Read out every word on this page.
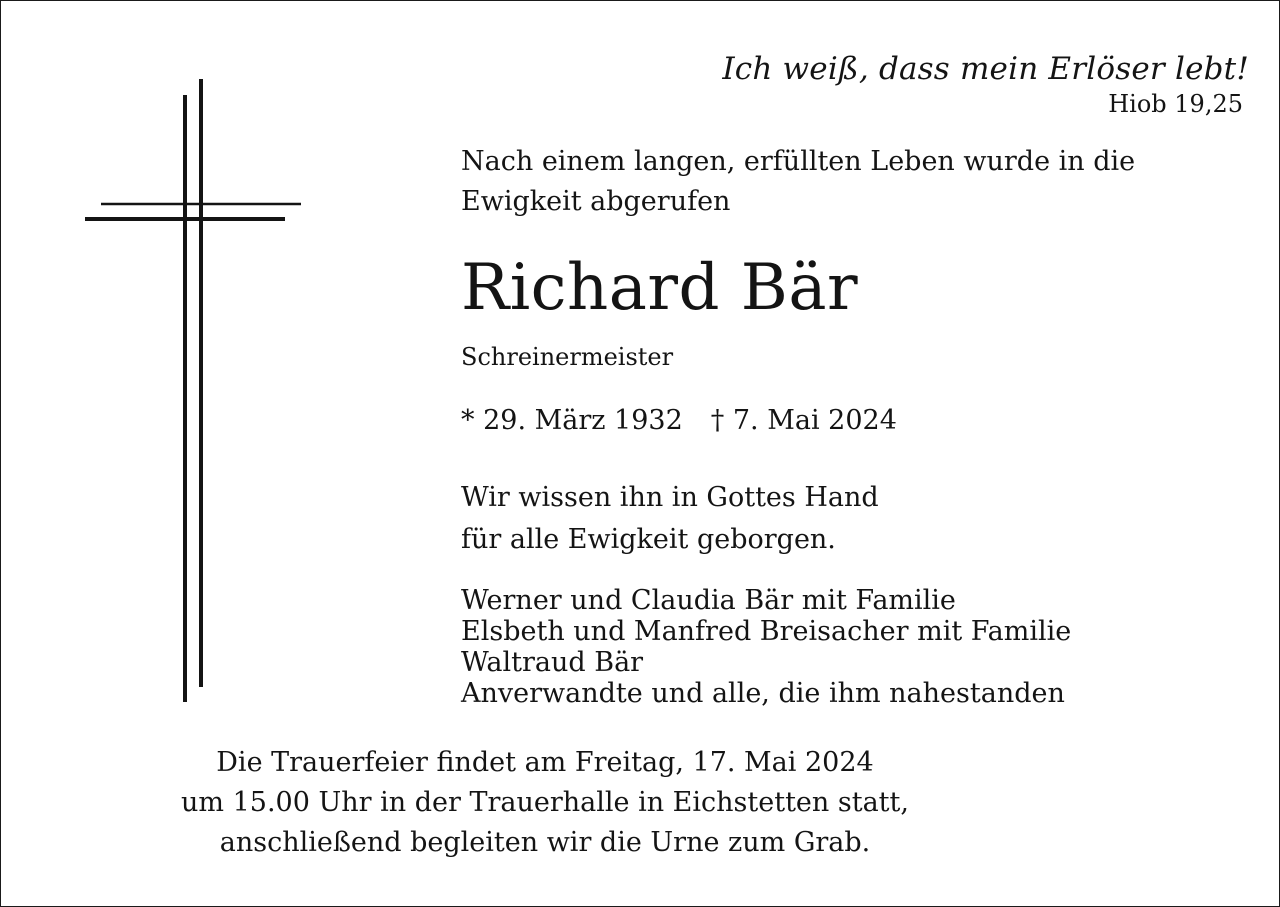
Ich weiß, dass mein Erlöser lebt!
Hiob 19,25
Nach einem langen, erfüllten Leben wurde in die Ewigkeit abgerufen
Richard Bär
Schreinermeister
* 29. März 1932 † 7. Mai 2024
Wir wissen ihn in Gottes Hand
für alle Ewigkeit geborgen.
Werner und Claudia Bär mit Familie
Elsbeth und Manfred Breisacher mit Familie
Waltraud Bär
Anverwandte und alle, die ihm nahestanden
Die Trauerfeier findet am Freitag, 17. Mai 2024
um 15.00 Uhr in der Trauerhalle in Eichstetten statt,
anschließend begleiten wir die Urne zum Grab.
